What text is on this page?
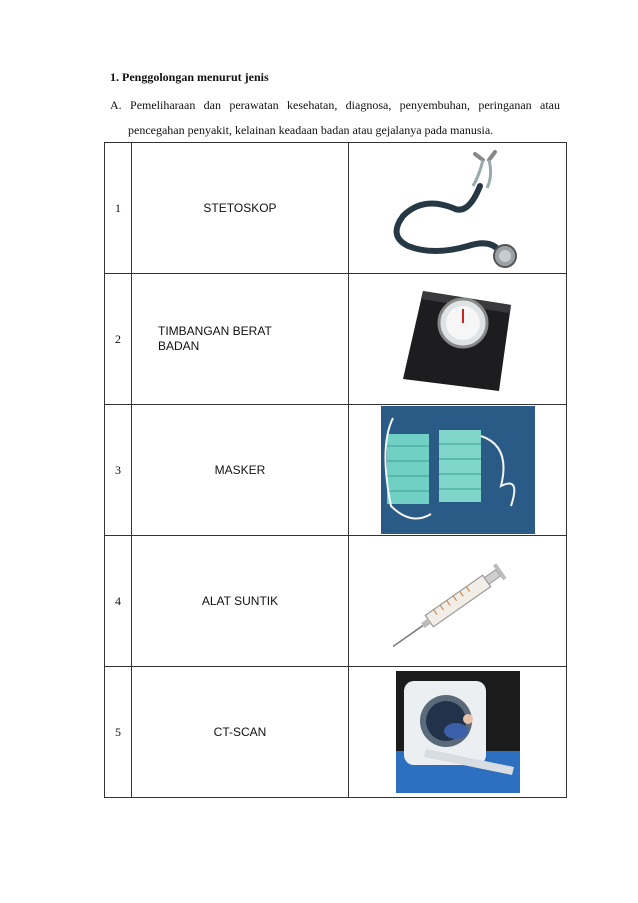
1. Penggolongan menurut jenis
A. Pemeliharaan dan perawatan kesehatan, diagnosa, penyembuhan, peringanan atau
pencegahan penyakit, kelainan keadaan badan atau gejalanya pada manusia.
1	STETOSKOP	

2	TIMBANGAN BERAT
BADAN	

3	MASKER	

4	ALAT SUNTIK	

5	CT-SCAN	
